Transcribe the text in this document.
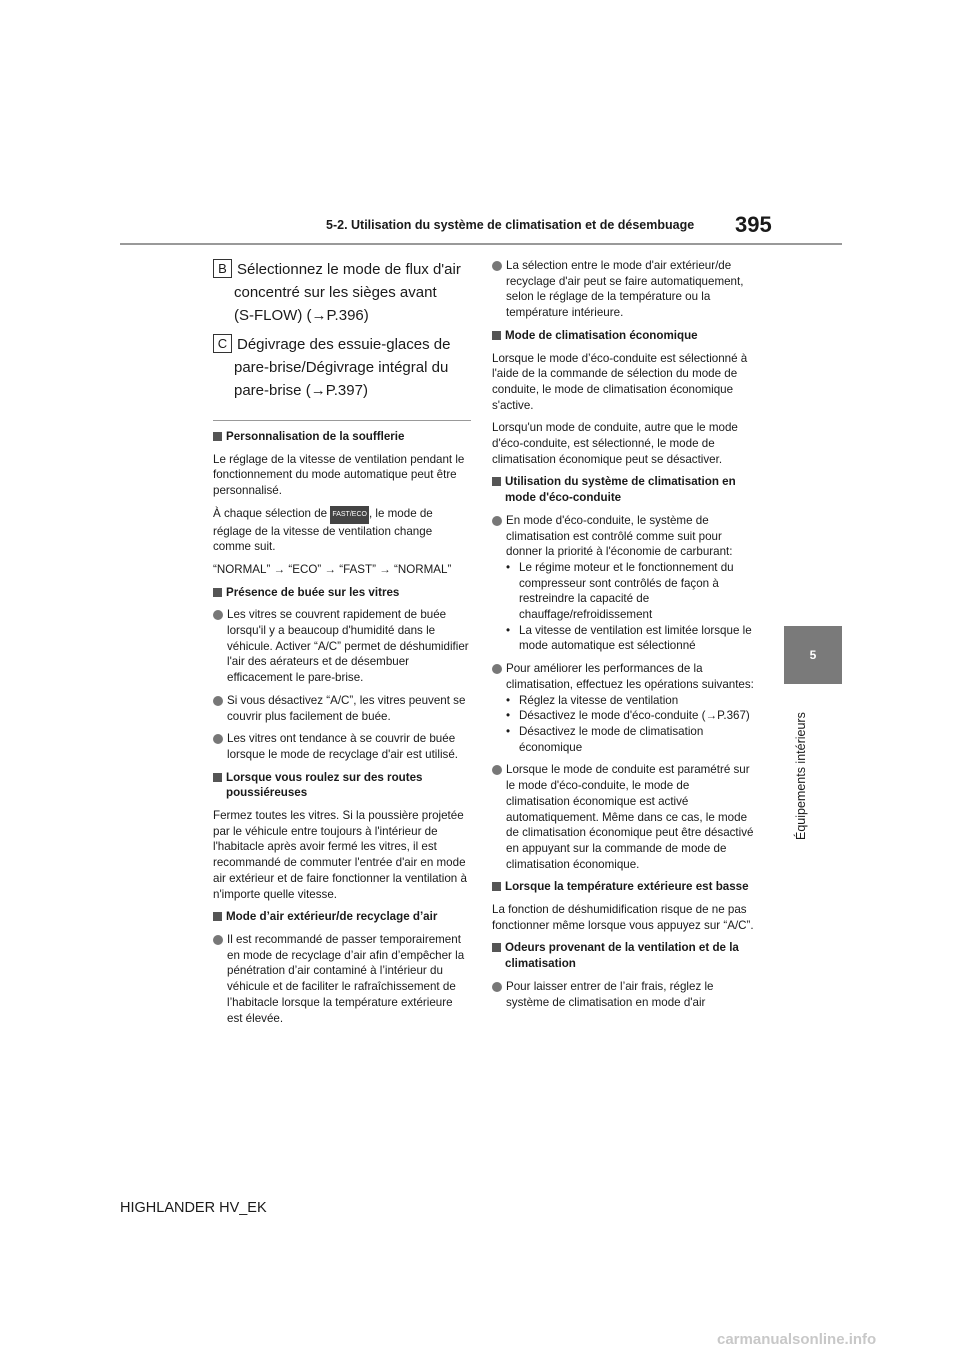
5-2. Utilisation du système de climatisation et de désembuage 395
5
Équipements intérieurs
B Sélectionnez le mode de flux d'air
concentré sur les sièges avant
(S-FLOW) (→P.396)
C Dégivrage des essuie-glaces de
pare-brise/Dégivrage intégral du
pare-brise (→P.397)
Personnalisation de la soufflerie

Le réglage de la vitesse de ventilation pendant le fonctionnement du mode automatique peut être personnalisé.

À chaque sélection de FAST/ECO , le mode de réglage de la vitesse de ventilation change comme suit.

“NORMAL” → “ECO” → “FAST” → “NORMAL”

Présence de buée sur les vitres
Les vitres se couvrent rapidement de buée lorsqu'il y a beaucoup d'humidité dans le véhicule. Activer “A/C” permet de déshumidifier l'air des aérateurs et de désembuer efficacement le pare-brise.
Si vous désactivez “A/C”, les vitres peuvent se couvrir plus facilement de buée.
Les vitres ont tendance à se couvrir de buée lorsque le mode de recyclage d'air est utilisé.
Lorsque vous roulez sur des routes poussiéreuses

Fermez toutes les vitres. Si la poussière projetée par le véhicule entre toujours à l'intérieur de l'habitacle après avoir fermé les vitres, il est recommandé de commuter l'entrée d'air en mode air extérieur et de faire fonctionner la ventilation à n'importe quelle vitesse.

Mode d’air extérieur/de recyclage d’air
Il est recommandé de passer temporairement en mode de recyclage d’air afin d’empêcher la pénétration d’air contaminé à l’intérieur du véhicule et de faciliter le rafraîchissement de l’habitacle lorsque la température extérieure est élevée.
La sélection entre le mode d'air extérieur/de recyclage d'air peut se faire automatiquement, selon le réglage de la température ou la température intérieure.
Mode de climatisation économique

Lorsque le mode d’éco-conduite est sélectionné à l'aide de la commande de sélection du mode de conduite, le mode de climatisation économique s'active.

Lorsqu'un mode de conduite, autre que le mode d'éco-conduite, est sélectionné, le mode de climatisation économique peut se désactiver.

Utilisation du système de climatisation en mode d'éco-conduite
En mode d'éco-conduite, le système de climatisation est contrôlé comme suit pour donner la priorité à l'économie de carburant:
• Le régime moteur et le fonctionnement du compresseur sont contrôlés de façon à restreindre la capacité de chauffage/refroidissement
• La vitesse de ventilation est limitée lorsque le mode automatique est sélectionné
Pour améliorer les performances de la climatisation, effectuez les opérations suivantes:
• Réglez la vitesse de ventilation
• Désactivez le mode d'éco-conduite (→P.367)
• Désactivez le mode de climatisation économique
Lorsque le mode de conduite est paramétré sur le mode d'éco-conduite, le mode de climatisation économique est activé automatiquement. Même dans ce cas, le mode de climatisation économique peut être désactivé en appuyant sur la commande de mode de climatisation économique.
Lorsque la température extérieure est basse

La fonction de déshumidification risque de ne pas fonctionner même lorsque vous appuyez sur “A/C”.

Odeurs provenant de la ventilation et de la climatisation
Pour laisser entrer de l’air frais, réglez le système de climatisation en mode d'air
HIGHLANDER HV_EK
carmanualsonline.info
